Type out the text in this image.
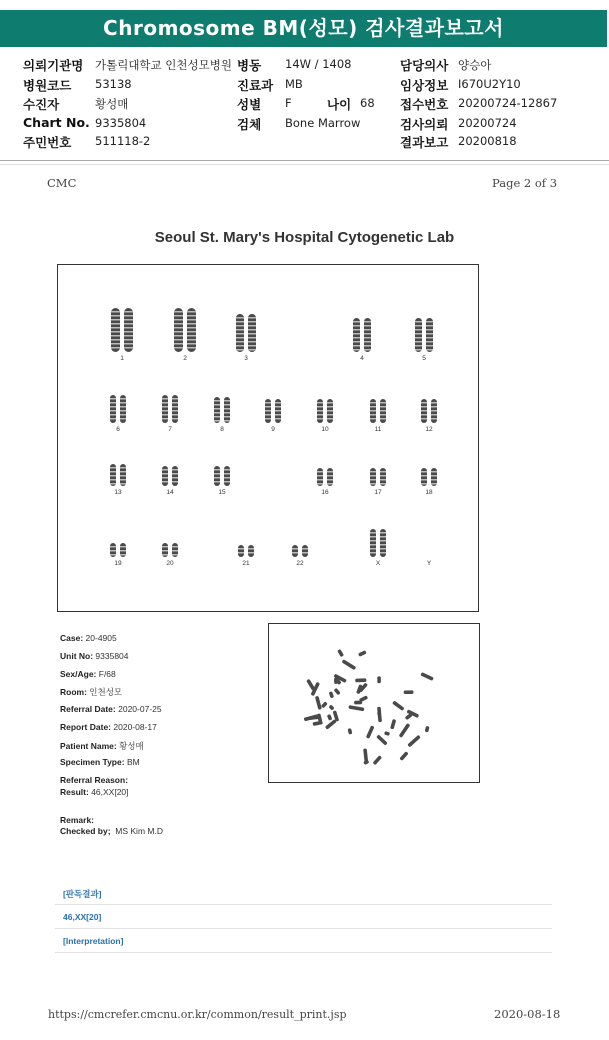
Chromosome BM(성모) 검사결과보고서
의뢰기관명 가톨릭대학교 인천성모병원
병원코드 53138
수진자	황성매
Chart No. 9335804
주민번호 511118-2
병동 14W / 1408
진료과 MB
성별 F	나이 68
검체 Bone Marrow
담당의사 양승아
임상정보 I670U2Y10
접수번호 20200724-12867
검사의뢰 20200724
결과보고 20200818
CMC	Page 2 of 3
Seoul St. Mary's Hospital Cytogenetic Lab
1	2	3	4	5
6	7	8	9	10	11	12
13	14	15	16	17	18
19	20	21	22	X	Y
Case: 20-4905
Unit No: 9335804
Sex/Age: F/68
Room: 인천성모
Referral Date: 2020-07-25
Report Date: 2020-08-17
Patient Name: 황성매
Specimen Type: BM
Referral Reason:
Result: 46,XX[20]
Remark:
Checked by; MS Kim M.D
[판독결과]
46,XX[20]
[Interpretation]
https://cmcrefer.cmcnu.or.kr/common/result_print.jsp	2020-08-18
